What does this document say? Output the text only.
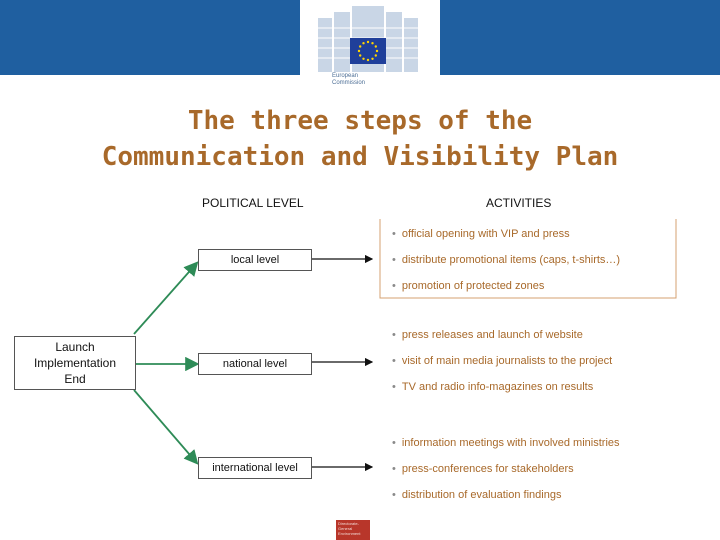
European
Commission
The three steps of the
Communication and Visibility Plan
POLITICAL LEVEL	ACTIVITIES
Launch
Implementation
End
local level
national level
international level
• official opening with VIP and press
• distribute promotional items (caps, t-shirts…)
• promotion of protected zones
• press releases and launch of website
• visit of main media journalists to the project
• TV and radio info-magazines on results
• information meetings with involved ministries
• press-conferences for stakeholders
• distribution of evaluation findings
Directorate-General Environment
